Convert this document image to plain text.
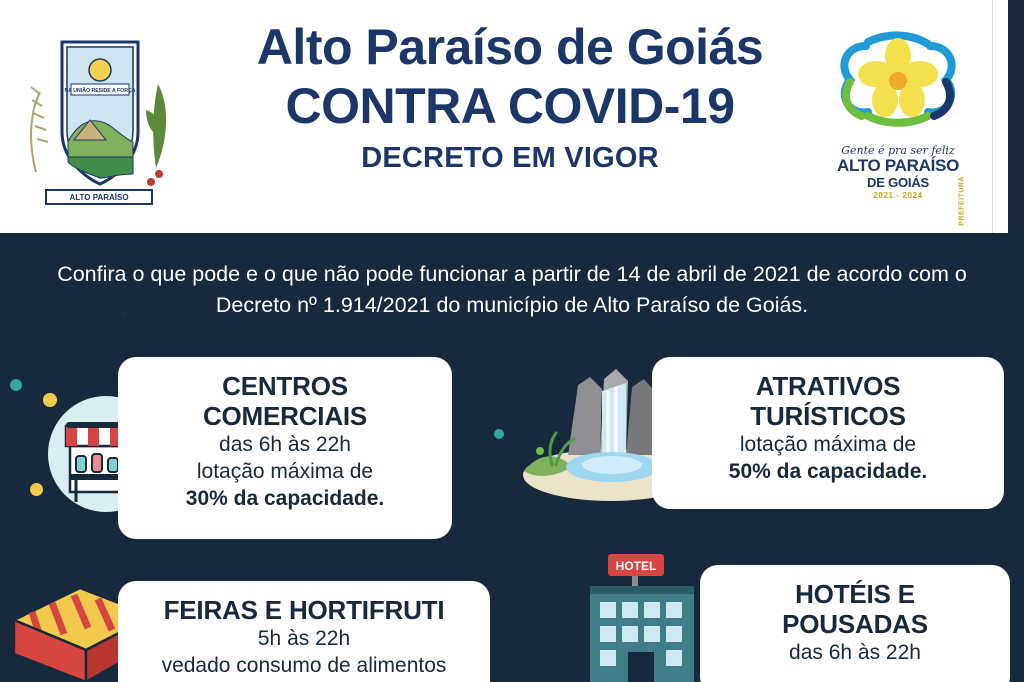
NA UNIÃO RESIDE A FORÇA
ALTO PARAÍSO
Alto Paraíso de Goiás
CONTRA COVID-19
DECRETO EM VIGOR	Gente é pra ser feliz
ALTO PARAÍSO
DE GOIÁS
2021 - 2024	PREFEITURA
Confira o que pode e o que não pode funcionar a partir de 14 de abril de 2021 de acordo com o Decreto nº 1.914/2021 do município de Alto Paraíso de Goiás.
HOTEL
CENTROS
COMERCIAIS
das 6h às 22h
lotação máxima de
30% da capacidade.
ATRATIVOS
TURÍSTICOS
lotação máxima de
50% da capacidade.
FEIRAS E HORTIFRUTI
5h às 22h
vedado consumo de alimentos
HOTÉIS E
POUSADAS
das 6h às 22h
